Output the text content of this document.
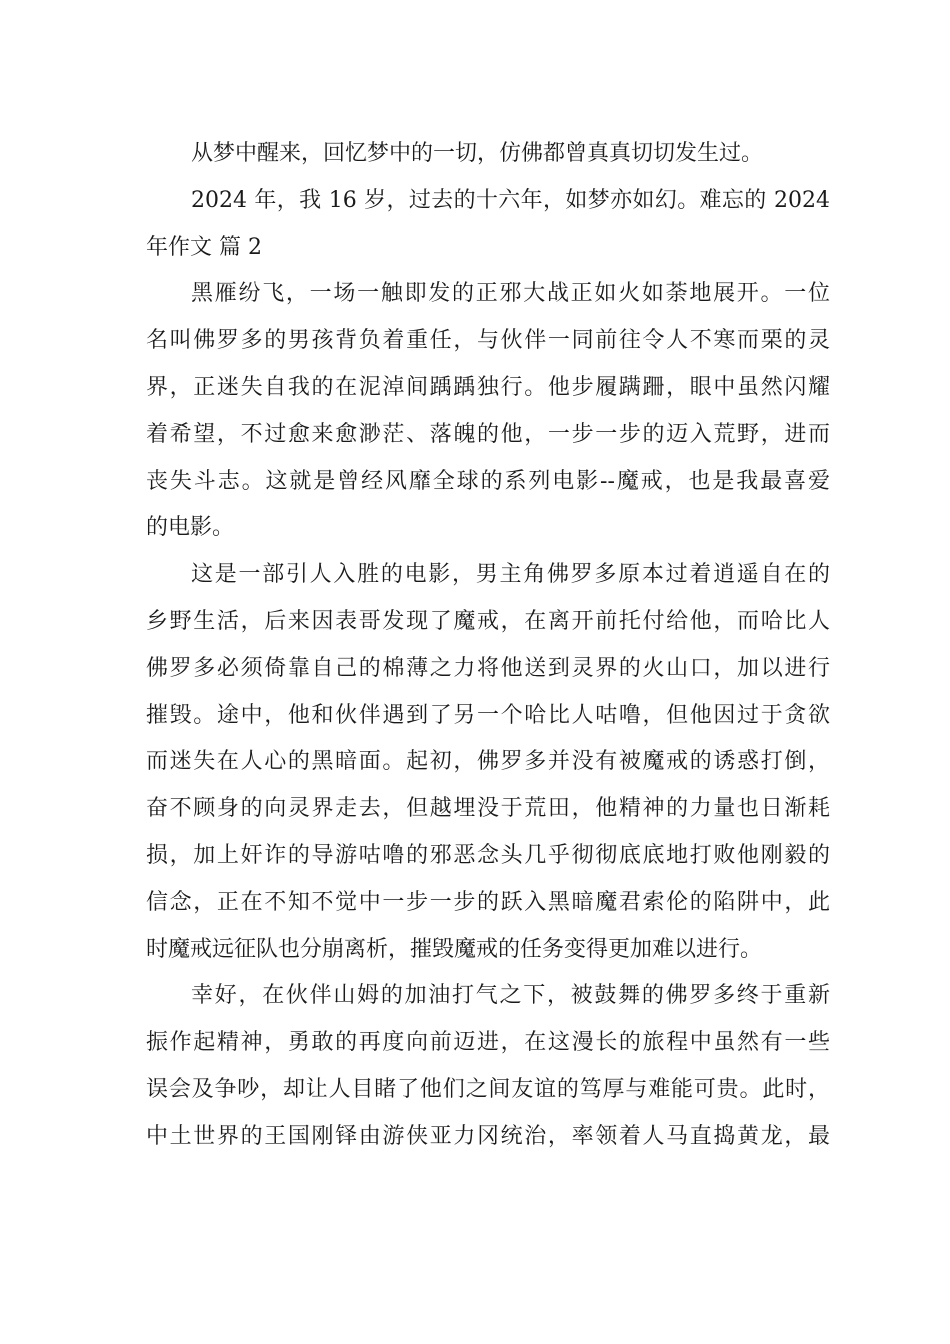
从梦中醒来，回忆梦中的一切，仿佛都曾真真切切发生过。

2024 年，我 16 岁，过去的十六年，如梦亦如幻。难忘的 2024
年作文 篇 2

黑雁纷飞，一场一触即发的正邪大战正如火如荼地展开。一位
名叫佛罗多的男孩背负着重任，与伙伴一同前往令人不寒而栗的灵
界，正迷失自我的在泥淖间踽踽独行。他步履蹒跚，眼中虽然闪耀
着希望，不过愈来愈渺茫、落魄的他，一步一步的迈入荒野，进而
丧失斗志。这就是曾经风靡全球的系列电影--魔戒，也是我最喜爱
的电影。

这是一部引人入胜的电影，男主角佛罗多原本过着逍遥自在的
乡野生活，后来因表哥发现了魔戒，在离开前托付给他，而哈比人
佛罗多必须倚靠自己的棉薄之力将他送到灵界的火山口，加以进行
摧毁。途中，他和伙伴遇到了另一个哈比人咕噜，但他因过于贪欲
而迷失在人心的黑暗面。起初，佛罗多并没有被魔戒的诱惑打倒，
奋不顾身的向灵界走去，但越埋没于荒田，他精神的力量也日渐耗
损，加上奸诈的导游咕噜的邪恶念头几乎彻彻底底地打败他刚毅的
信念，正在不知不觉中一步一步的跃入黑暗魔君索伦的陷阱中，此
时魔戒远征队也分崩离析，摧毁魔戒的任务变得更加难以进行。

幸好，在伙伴山姆的加油打气之下，被鼓舞的佛罗多终于重新
振作起精神，勇敢的再度向前迈进，在这漫长的旅程中虽然有一些
误会及争吵，却让人目睹了他们之间友谊的笃厚与难能可贵。此时，
中土世界的王国刚铎由游侠亚力冈统治，率领着人马直捣黄龙，最
